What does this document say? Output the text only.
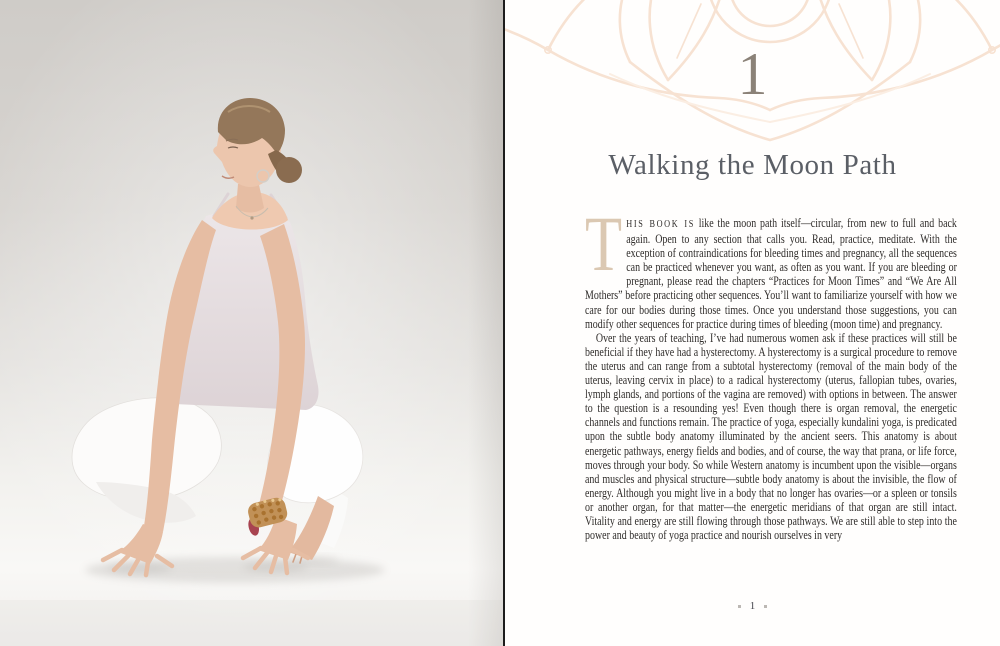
1
Walking the Moon Path

THIS BOOK IS like the moon path itself—circular, from new to full and back again. Open to any section that calls you. Read, practice, meditate. With the exception of contraindications for bleeding times and pregnancy, all the sequences can be practiced whenever you want, as often as you want. If you are bleeding or pregnant, please read the chapters “Practices for Moon Times” and “We Are All Mothers” before practicing other sequences. You’ll want to familiarize yourself with how we care for our bodies during those times. Once you understand those suggestions, you can modify other sequences for practice during times of bleeding (moon time) and pregnancy.

Over the years of teaching, I’ve had numerous women ask if these practices will still be beneficial if they have had a hysterectomy. A hysterectomy is a surgical procedure to remove the uterus and can range from a subtotal hysterectomy (removal of the main body of the uterus, leaving cervix in place) to a radical hysterectomy (uterus, fallopian tubes, ovaries, lymph glands, and portions of the vagina are removed) with options in between. The answer to the question is a resounding yes! Even though there is organ removal, the energetic channels and functions remain. The practice of yoga, especially kundalini yoga, is predicated upon the subtle body anatomy illuminated by the ancient seers. This anatomy is about energetic pathways, energy fields and bodies, and of course, the way that prana, or life force, moves through your body. So while Western anatomy is incumbent upon the visible—organs and muscles and physical structure—subtle body anatomy is about the invisible, the flow of energy. Although you might live in a body that no longer has ovaries—or a spleen or tonsils or another organ, for that matter—the energetic meridians of that organ are still intact. Vitality and energy are still flowing through those pathways. We are still able to step into the power and beauty of yoga practice and nourish ourselves in very

1
